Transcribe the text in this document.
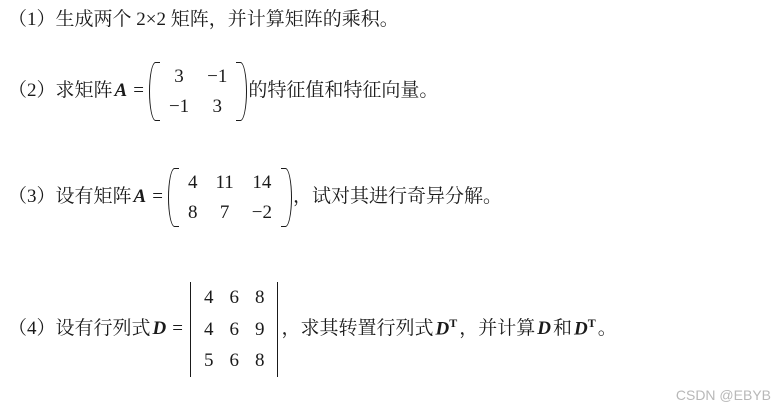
（1） 生成两个 2×2 矩阵，并计算矩阵的乘积。
（2） 求矩阵 A =
3	−1
−1	3
的特征值和特征向量。
（3） 设有矩阵 A =
4	11	14
8	7	−2
，试对其进行奇异分解。
（4） 设有行列式 D =
4	6	8
4	6	9
5	6	8
，求其转置行列式 $D^T$ ，并计算 D 和 $D^T$ 。
CSDN @EBYB
